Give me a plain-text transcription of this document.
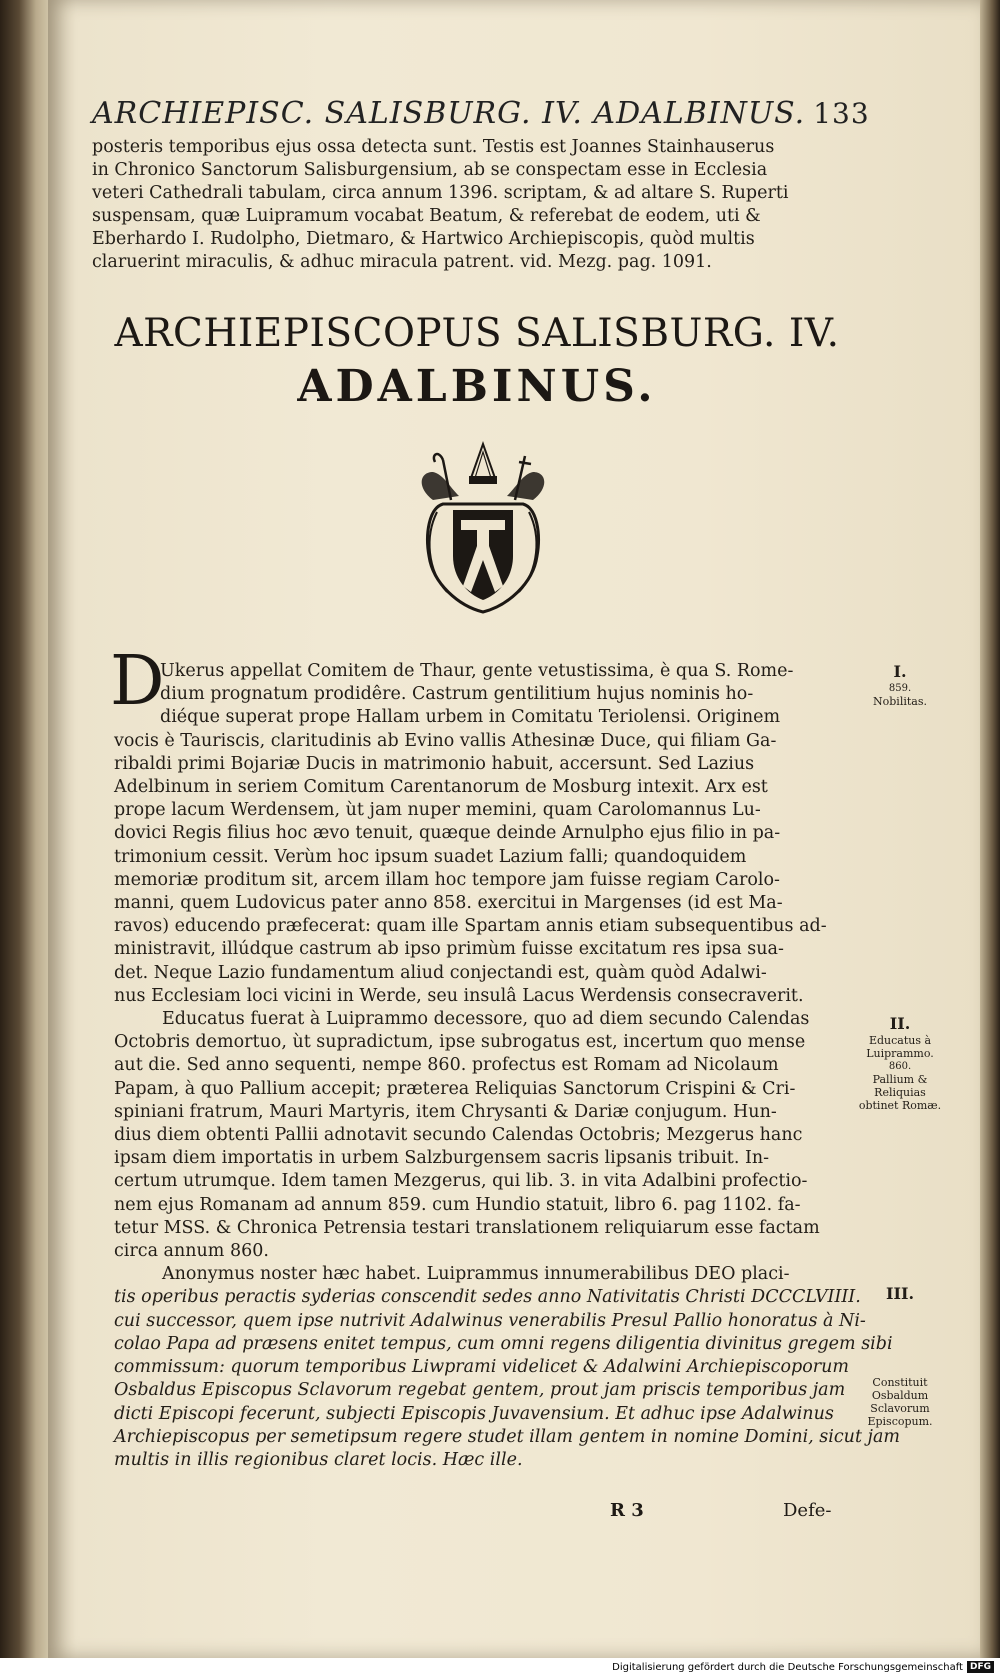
ARCHIEPISC. SALISBURG. IV. ADALBINUS. 133
posteris temporibus ejus ossa detecta sunt. Testis est Joannes Stainhauserus
in Chronico Sanctorum Salisburgensium, ab se conspectam esse in Ecclesia
veteri Cathedrali tabulam, circa annum 1396. scriptam, & ad altare S. Ruperti
suspensam, quæ Luipramum vocabat Beatum, & referebat de eodem, uti &
Eberhardo I. Rudolpho, Dietmaro, & Hartwico Archiepiscopis, quòd multis
claruerint miraculis, & adhuc miracula patrent. vid. Mezg. pag. 1091.
ARCHIEPISCOPUS SALISBURG. IV.
ADALBINUS.
D
Ukerus appellat Comitem de Thaur, gente vetustissima, è qua S. Rome-
dium prognatum prodidêre. Castrum gentilitium hujus nominis ho-
diéque superat prope Hallam urbem in Comitatu Teriolensi. Originem
vocis è Tauriscis, claritudinis ab Evino vallis Athesinæ Duce, qui filiam Ga-
ribaldi primi Bojariæ Ducis in matrimonio habuit, accersunt. Sed Lazius
Adelbinum in seriem Comitum Carentanorum de Mosburg intexit. Arx est
prope lacum Werdensem, ùt jam nuper memini, quam Carolomannus Lu-
dovici Regis filius hoc ævo tenuit, quæque deinde Arnulpho ejus filio in pa-
trimonium cessit. Verùm hoc ipsum suadet Lazium falli; quandoquidem
memoriæ proditum sit, arcem illam hoc tempore jam fuisse regiam Carolo-
manni, quem Ludovicus pater anno 858. exercitui in Margenses (id est Ma-
ravos) educendo præfecerat: quam ille Spartam annis etiam subsequentibus ad-
ministravit, illúdque castrum ab ipso primùm fuisse excitatum res ipsa sua-
det. Neque Lazio fundamentum aliud conjectandi est, quàm quòd Adalwi-
nus Ecclesiam loci vicini in Werde, seu insulâ Lacus Werdensis consecraverit.
Educatus fuerat à Luiprammo decessore, quo ad diem secundo Calendas
Octobris demortuo, ùt supradictum, ipse subrogatus est, incertum quo mense
aut die. Sed anno sequenti, nempe 860. profectus est Romam ad Nicolaum
Papam, à quo Pallium accepit; præterea Reliquias Sanctorum Crispini & Cri-
spiniani fratrum, Mauri Martyris, item Chrysanti & Dariæ conjugum. Hun-
dius diem obtenti Pallii adnotavit secundo Calendas Octobris; Mezgerus hanc
ipsam diem importatis in urbem Salzburgensem sacris lipsanis tribuit. In-
certum utrumque. Idem tamen Mezgerus, qui lib. 3. in vita Adalbini profectio-
nem ejus Romanam ad annum 859. cum Hundio statuit, libro 6. pag 1102. fa-
tetur MSS. & Chronica Petrensia testari translationem reliquiarum esse factam
circa annum 860.
Anonymus noster hæc habet. Luiprammus innumerabilibus DEO placi-
tis operibus peractis syderias conscendit sedes anno Nativitatis Christi DCCCLVIIII.
cui successor, quem ipse nutrivit Adalwinus venerabilis Presul Pallio honoratus à Ni-
colao Papa ad præsens enitet tempus, cum omni regens diligentia divinitus gregem sibi
commissum: quorum temporibus Liwprami videlicet & Adalwini Archiepiscoporum
Osbaldus Episcopus Sclavorum regebat gentem, prout jam priscis temporibus jam
dicti Episcopi fecerunt, subjecti Episcopis Juvavensium. Et adhuc ipse Adalwinus
Archiepiscopus per semetipsum regere studet illam gentem in nomine Domini, sicut jam
multis in illis regionibus claret locis. Hæc ille.
I.
859.
Nobilitas.
II.
Educatus à Luiprammo.
860.
Pallium & Reliquias obtinet Romæ.
III.
Constituit Osbaldum Sclavorum Episcopum.
R 3	Defe-
Digitalisierung gefördert durch die Deutsche Forschungsgemeinschaft DFG
